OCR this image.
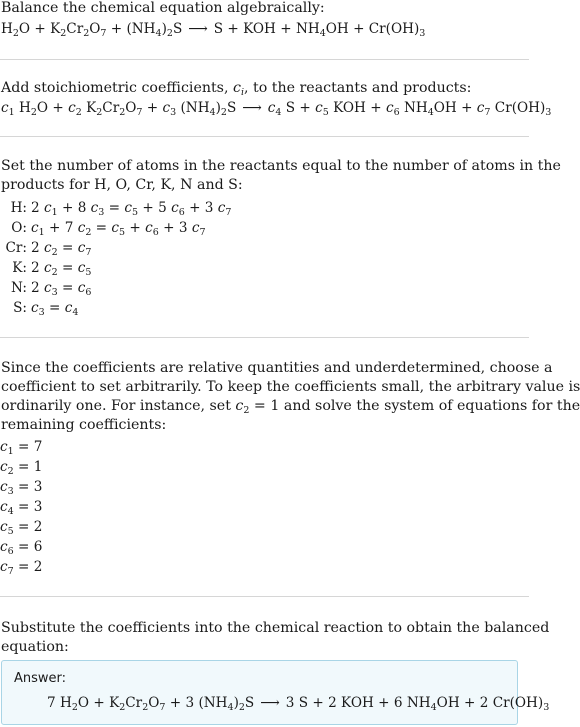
Balance the chemical equation algebraically:
$H_2O + K_2Cr_2O_7 + (NH_4)_2S$ ⟶ S + KOH + $NH_4OH + Cr(OH)_3$
Add stoichiometric coefficients, $c_i$, to the reactants and products:
$c_1$ $H_2O + c_2$ $K_2Cr_2O_7 + c_3$ $(NH_4)_2S$ ⟶ $c_4$ $S + c_5$ KOH + $c_6$ $NH_4OH + c_7$ $Cr(OH)_3$
Set the number of atoms in the reactants equal to the number of atoms in the
products for H, O, Cr, K, N and S:
H: 2 $c_1 + 8$ $c_3 = c_5 + 5$ $c_6 + 3$ $c_7$
O: $c_1 + 7$ $c_2 = c_5 + c_6 + 3$ $c_7$
Cr: 2 $c_2 = c_7$
K: 2 $c_2 = c_5$
N: 2 $c_3 = c_6$
S: $c_3 = c_4$
Since the coefficients are relative quantities and underdetermined, choose a
coefficient to set arbitrarily. To keep the coefficients small, the arbitrary value is
ordinarily one. For instance, set $c_2 = 1$ and solve the system of equations for the
remaining coefficients:
$c_1 = 7$
$c_2 = 1$
$c_3 = 3$
$c_4 = 3$
$c_5 = 2$
$c_6 = 6$
$c_7 = 2$
Substitute the coefficients into the chemical reaction to obtain the balanced
equation:
Answer:
7 $H_2O + K_2Cr_2O_7 + 3$ $(NH_4)_2S$ ⟶ 3 S + 2 KOH + 6 $NH_4OH + 2$ $Cr(OH)_3$
